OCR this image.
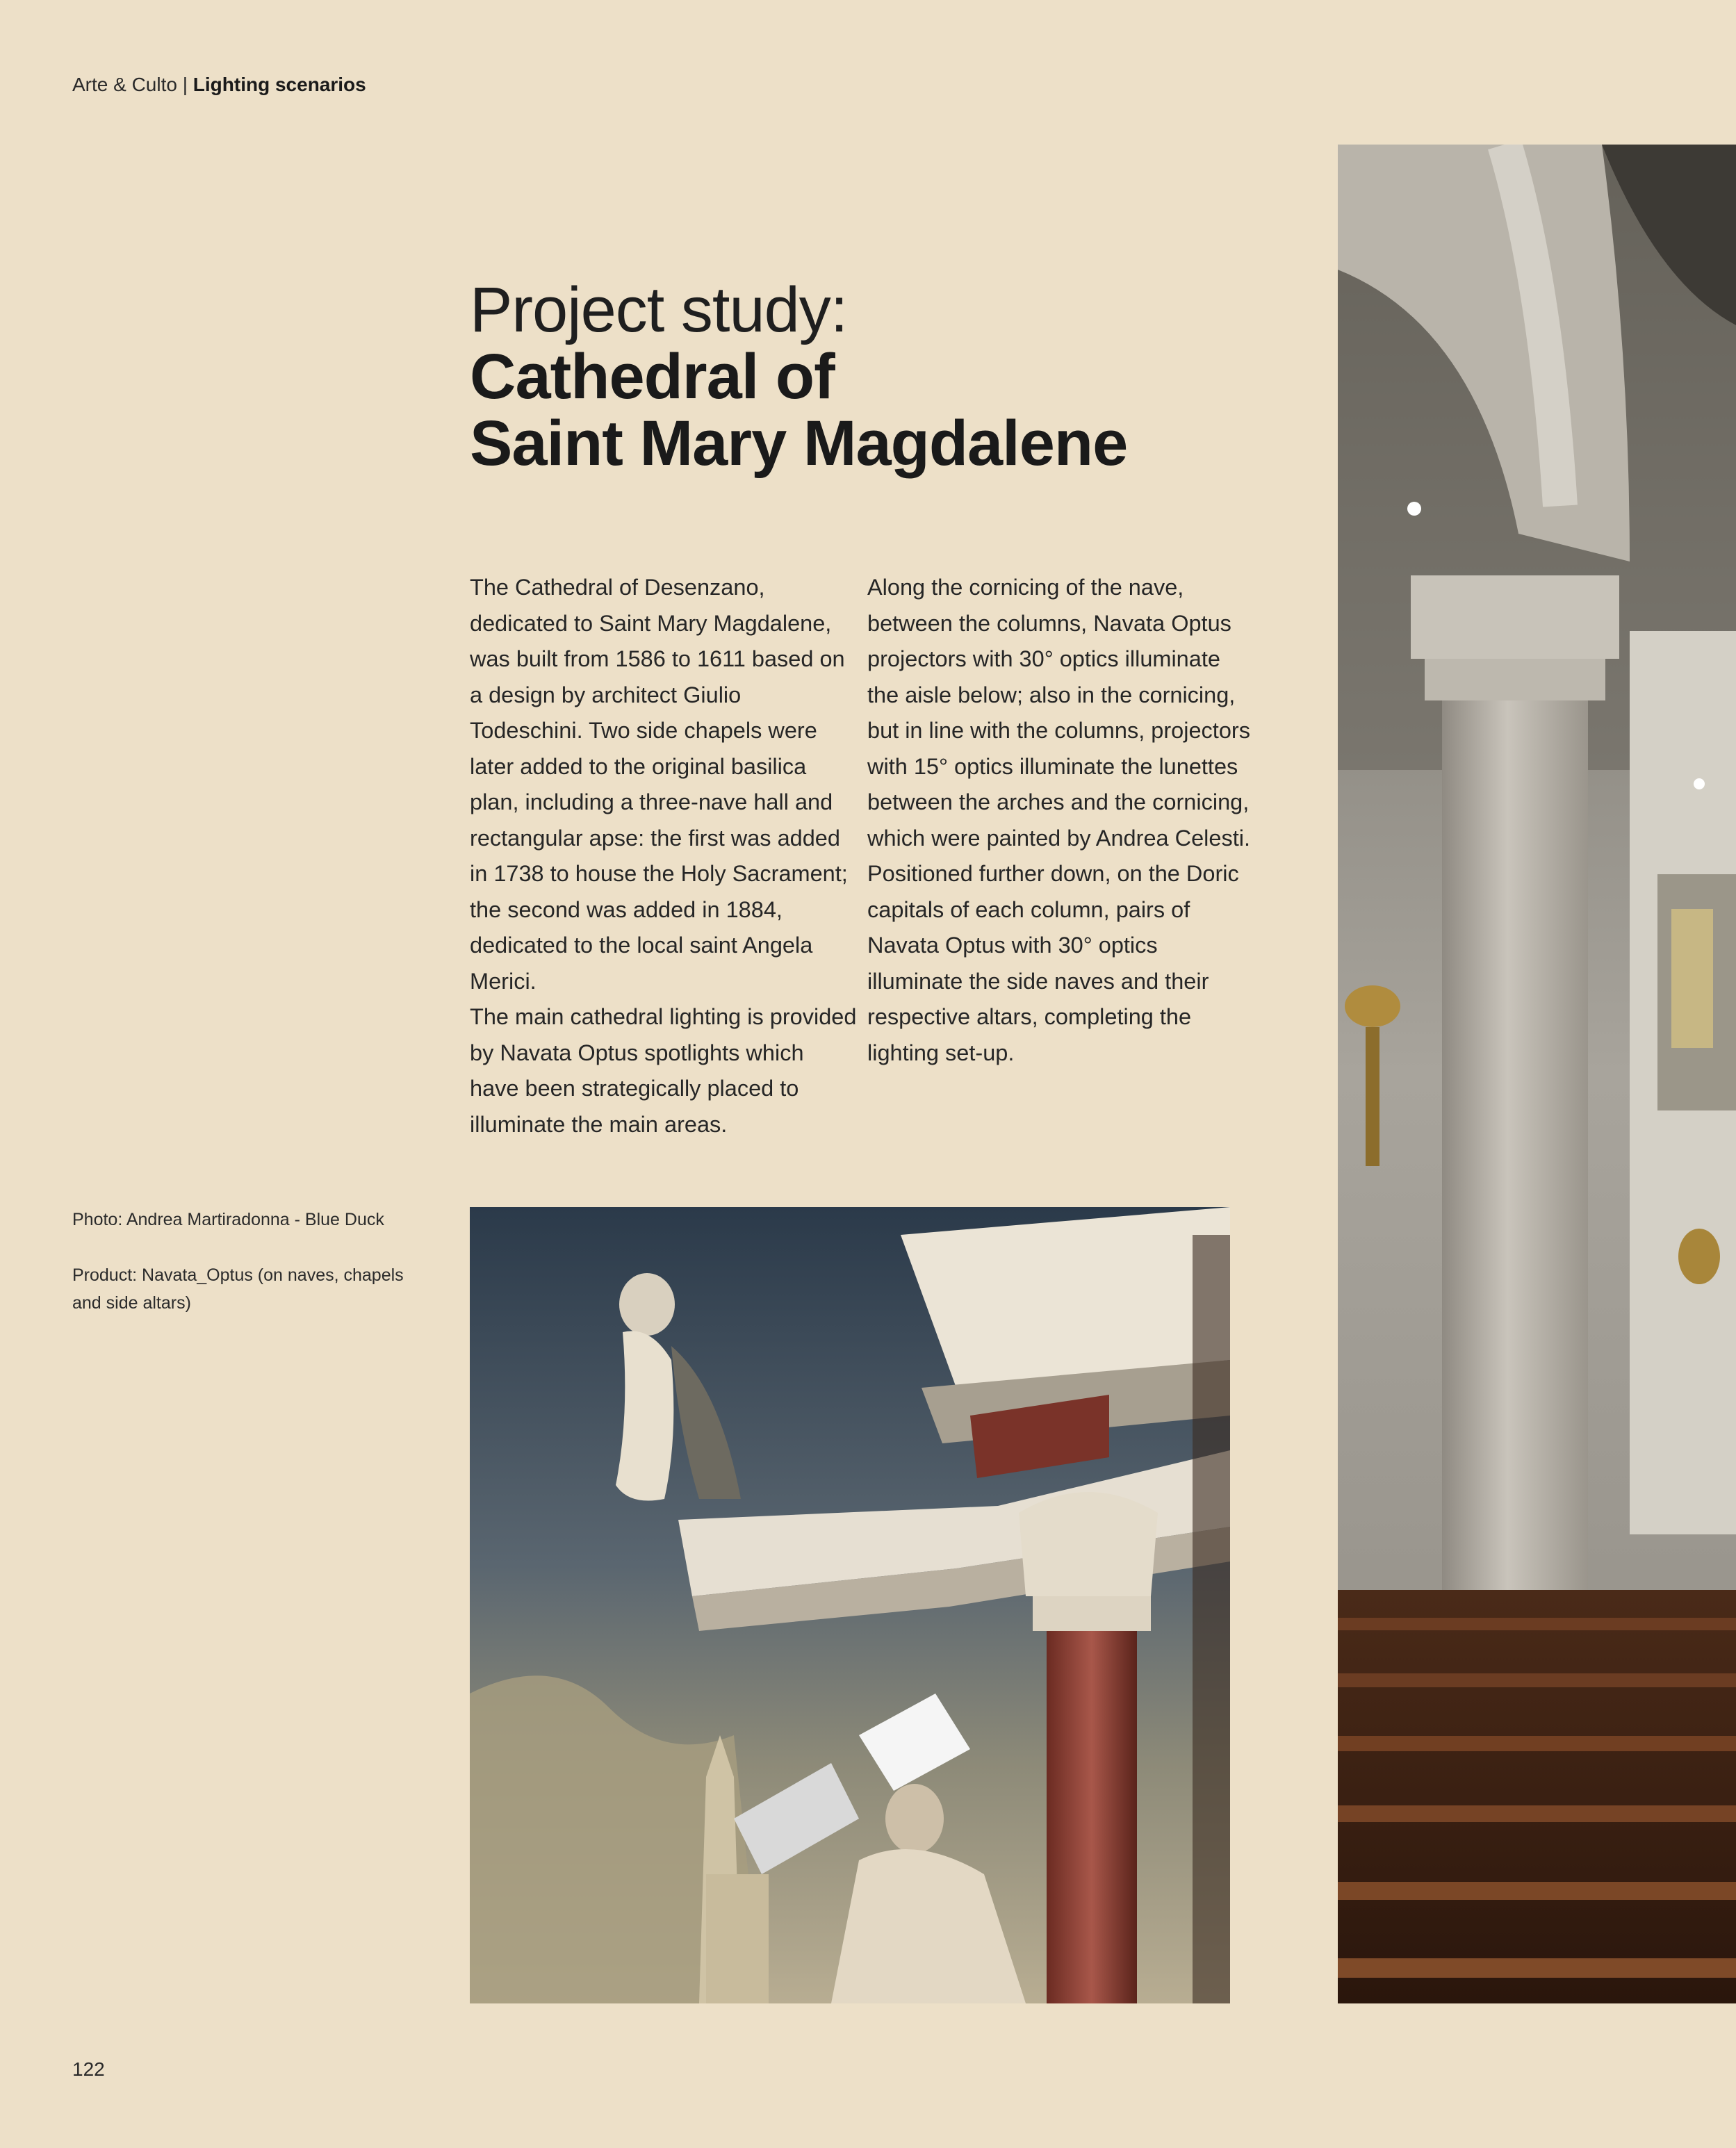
Arte & Culto | Lighting scenarios
Project study:
Cathedral of
Saint Mary Magdalene

The Cathedral of Desenzano, dedicated to Saint Mary Magdalene, was built from 1586 to 1611 based on a design by architect Giulio Todeschini. Two side chapels were later added to the original basilica plan, including a three-nave hall and rectangular apse: the first was added in 1738 to house the Holy Sacrament; the second was added in 1884, dedicated to the local saint Angela Merici.

The main cathedral lighting is provided by Navata Optus spotlights which have been strategically placed to illuminate the main areas.

Along the cornicing of the nave, between the columns, Navata Optus projectors with 30° optics illuminate the aisle below; also in the cornicing, but in line with the columns, projectors with 15° optics illuminate the lunettes between the arches and the cornicing, which were painted by Andrea Celesti. Positioned further down, on the Doric capitals of each column, pairs of Navata Optus with 30° optics illuminate the side naves and their respective altars, completing the lighting set-up.

Photo: Andrea Martiradonna - Blue Duck
Product: Navata_Optus (on naves, chapels and side altars)
122
